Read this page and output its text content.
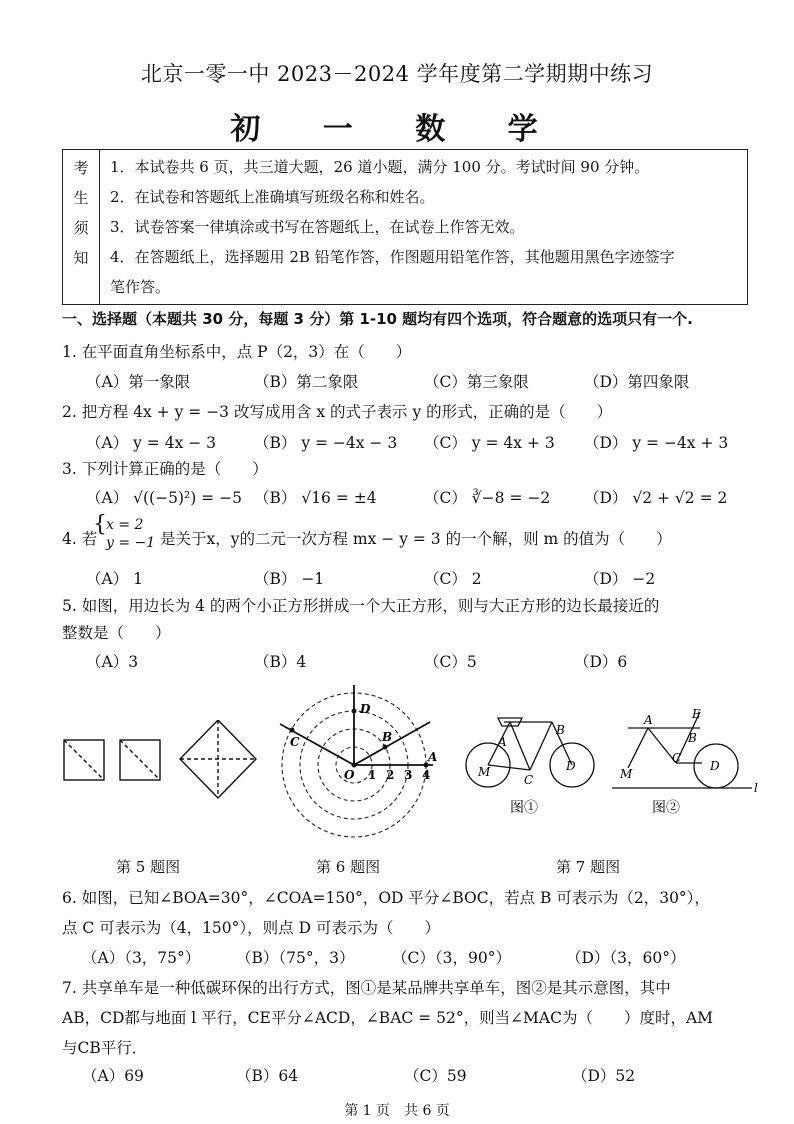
北京一零一中 2023－2024 学年度第二学期期中练习
初 一 数 学
考
生
须
知

1．本试卷共 6 页，共三道大题，26 道小题，满分 100 分。考试时间 90 分钟。
2．在试卷和答题纸上准确填写班级名称和姓名。
3．试卷答案一律填涂或书写在答题纸上，在试卷上作答无效。
4．在答题纸上，选择题用 2B 铅笔作答，作图题用铅笔作答，其他题用黑色字迹签字
笔作答。
一、选择题（本题共 30 分，每题 3 分）第 1-10 题均有四个选项，符合题意的选项只有一个.
1. 在平面直角坐标系中，点 P（2，3）在（　　）
（A）第一象限	（B）第二象限	（C）第三象限	（D）第四象限
2. 把方程 4x + y = −3 改写成用含 x 的式子表示 y 的形式，正确的是（　　）
（A） y = 4x − 3 （B） y = −4x − 3 （C） y = 4x + 3 （D） y = −4x + 3
3. 下列计算正确的是（　　）
（A） √((−5)²) = −5 （B） √16 = ±4	（C） ∛−8 = −2 （D） √2 + √2 = 2
4. 若
{ x = 2
y = −1 是关于x，y的二元一次方程 mx − y = 3 的一个解，则 m 的值为（　　）
（A） 1	（B） −1	（C） 2	（D） −2
5. 如图，用边长为 4 的两个小正方形拼成一个大正方形，则与大正方形的边长最接近的
整数是（　　）
（A）3	（B）4	（C）5	（D）6
O
A
B
C
D
1 2 3 4
B
A
C
D
M
A	E
B
C
D
M
l
图①	图②
第 5 题图	第 6 题图	第 7 题图
6. 如图，已知∠BOA=30°，∠COA=150°，OD 平分∠BOC，若点 B 可表示为（2，30°），
点 C 可表示为（4，150°），则点 D 可表示为（　　）
（A）（3，75°） （B）（75°，3） （C）（3，90°）	（D）（3，60°）
7. 共享单车是一种低碳环保的出行方式，图①是某品牌共享单车，图②是其示意图，其中
AB，CD都与地面 l 平行，CE平分∠ACD，∠BAC = 52°，则当∠MAC为（　　）度时，AM
与CB平行．
（A）69	（B）64	（C）59	（D）52
第 1 页　共 6 页
